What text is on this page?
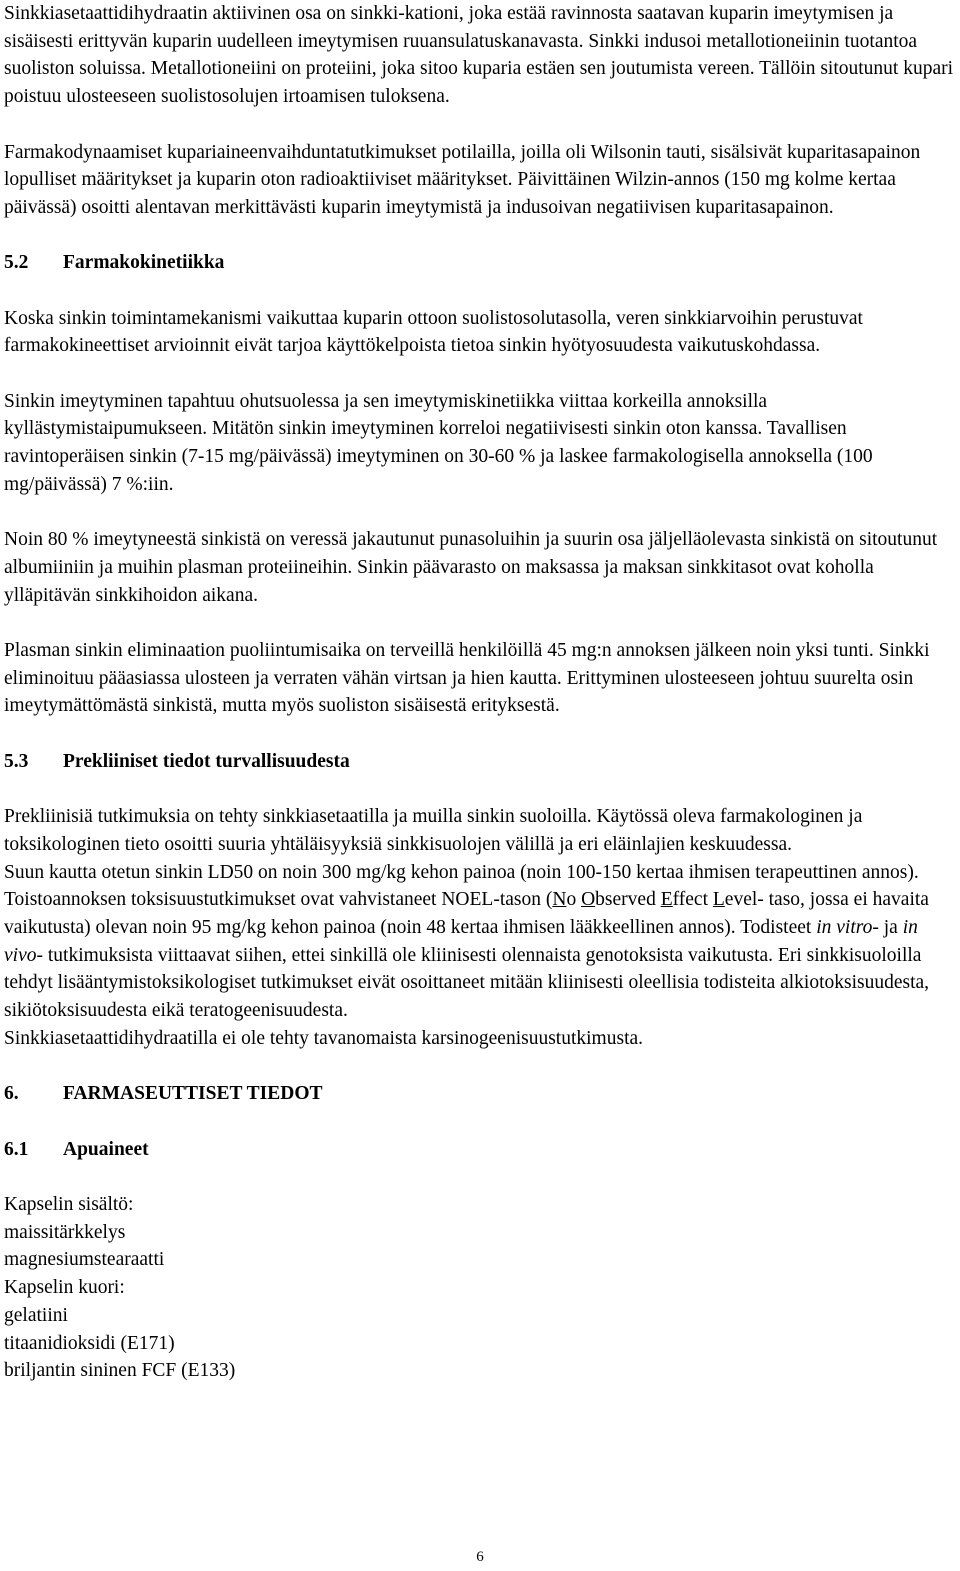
Sinkkiasetaattidihydraatin aktiivinen osa on sinkki-kationi, joka estää ravinnosta saatavan kuparin imeytymisen ja sisäisesti erittyvän kuparin uudelleen imeytymisen ruuansulatuskanavasta. Sinkki indusoi metallotioneiinin tuotantoa suoliston soluissa. Metallotioneiini on proteiini, joka sitoo kuparia estäen sen joutumista vereen. Tällöin sitoutunut kupari poistuu ulosteeseen suolistosolujen irtoamisen tuloksena.

Farmakodynaamiset kupariaineenvaihduntatutkimukset potilailla, joilla oli Wilsonin tauti, sisälsivät kuparitasapainon lopulliset määritykset ja kuparin oton radioaktiiviset määritykset. Päivittäinen Wilzin-annos (150 mg kolme kertaa päivässä) osoitti alentavan merkittävästi kuparin imeytymistä ja indusoivan negatiivisen kuparitasapainon.

5.2	Farmakokinetiikka

Koska sinkin toimintamekanismi vaikuttaa kuparin ottoon suolistosolutasolla, veren sinkkiarvoihin perustuvat farmakokineettiset arvioinnit eivät tarjoa käyttökelpoista tietoa sinkin hyötyosuudesta vaikutuskohdassa.

Sinkin imeytyminen tapahtuu ohutsuolessa ja sen imeytymiskinetiikka viittaa korkeilla annoksilla kyllästymistaipumukseen. Mitätön sinkin imeytyminen korreloi negatiivisesti sinkin oton kanssa. Tavallisen ravintoperäisen sinkin (7-15 mg/päivässä) imeytyminen on 30-60 % ja laskee farmakologisella annoksella (100 mg/päivässä) 7 %:iin.

Noin 80 % imeytyneestä sinkistä on veressä jakautunut punasoluihin ja suurin osa jäljelläolevasta sinkistä on sitoutunut albumiiniin ja muihin plasman proteiineihin. Sinkin päävarasto on maksassa ja maksan sinkkitasot ovat koholla ylläpitävän sinkkihoidon aikana.

Plasman sinkin eliminaation puoliintumisaika on terveillä henkilöillä 45 mg:n annoksen jälkeen noin yksi tunti. Sinkki eliminoituu pääasiassa ulosteen ja verraten vähän virtsan ja hien kautta. Erittyminen ulosteeseen johtuu suurelta osin imeytymättömästä sinkistä, mutta myös suoliston sisäisestä erityksestä.

5.3	Prekliiniset tiedot turvallisuudesta

Prekliinisiä tutkimuksia on tehty sinkkiasetaatilla ja muilla sinkin suoloilla. Käytössä oleva farmakologinen ja toksikologinen tieto osoitti suuria yhtäläisyyksiä sinkkisuolojen välillä ja eri eläinlajien keskuudessa.

Suun kautta otetun sinkin LD50 on noin 300 mg/kg kehon painoa (noin 100-150 kertaa ihmisen terapeuttinen annos). Toistoannoksen toksisuustutkimukset ovat vahvistaneet NOEL-tason (No Observed Effect Level- taso, jossa ei havaita vaikutusta) olevan noin 95 mg/kg kehon painoa (noin 48 kertaa ihmisen lääkkeellinen annos). Todisteet in vitro- ja in vivo- tutkimuksista viittaavat siihen, ettei sinkillä ole kliinisesti olennaista genotoksista vaikutusta. Eri sinkkisuoloilla tehdyt lisääntymistoksikologiset tutkimukset eivät osoittaneet mitään kliinisesti oleellisia todisteita alkiotoksisuudesta, sikiötoksisuudesta eikä teratogeenisuudesta.

Sinkkiasetaattidihydraatilla ei ole tehty tavanomaista karsinogeenisuustutkimusta.

6.	FARMASEUTTISET TIEDOT
6.1	Apuaineet

Kapselin sisältö:

maissitärkkelys

magnesiumstearaatti

Kapselin kuori:

gelatiini

titaanidioksidi (E171)

briljantin sininen FCF (E133)

6
